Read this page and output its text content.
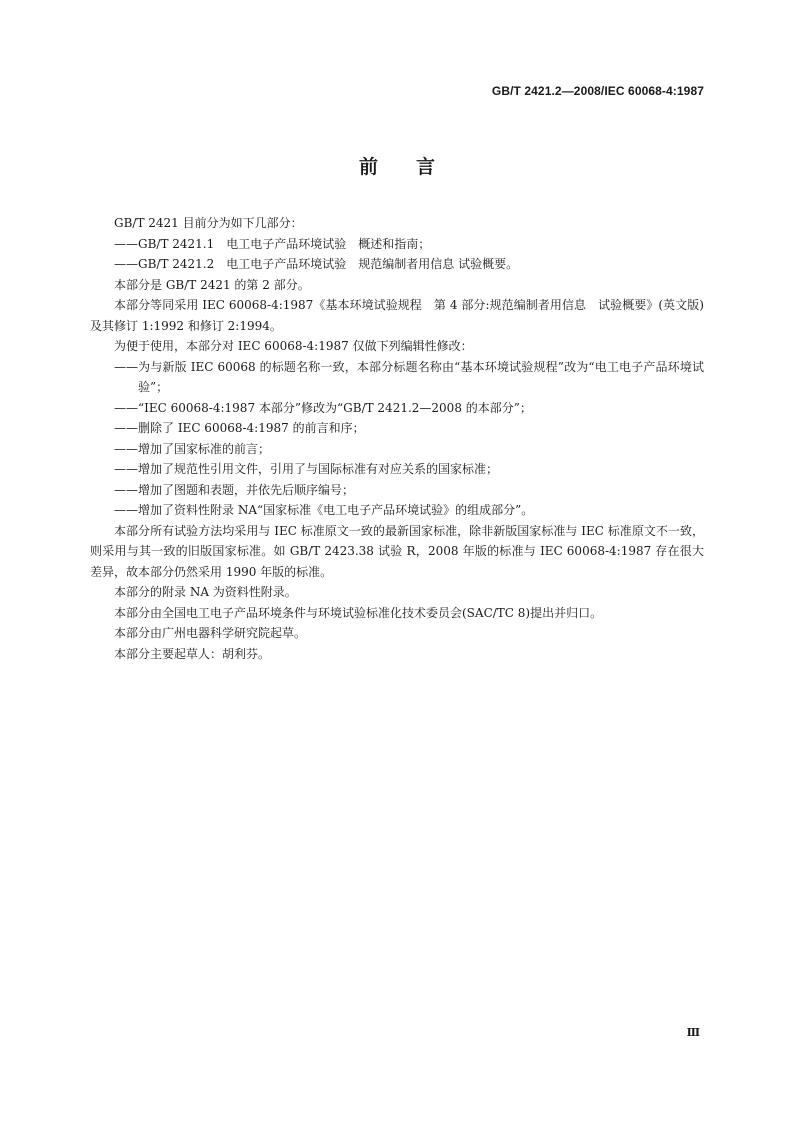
GB/T 2421.2—2008/IEC 60068-4:1987
前言

GB/T 2421 目前分为如下几部分：

——GB/T 2421.1　电工电子产品环境试验　概述和指南；

——GB/T 2421.2　电工电子产品环境试验　规范编制者用信息 试验概要。

本部分是 GB/T 2421 的第 2 部分。

本部分等同采用 IEC 60068-4:1987《基本环境试验规程　第 4 部分:规范编制者用信息　试验概要》(英文版)及其修订 1:1992 和修订 2:1994。

为便于使用，本部分对 IEC 60068-4:1987 仅做下列编辑性修改：

——为与新版 IEC 60068 的标题名称一致，本部分标题名称由“基本环境试验规程”改为“电工电子产品环境试验”；

——“IEC 60068-4:1987 本部分”修改为“GB/T 2421.2—2008 的本部分”；

——删除了 IEC 60068-4:1987 的前言和序；

——增加了国家标准的前言；

——增加了规范性引用文件，引用了与国际标准有对应关系的国家标准；

——增加了图题和表题，并依先后顺序编号；

——增加了资料性附录 NA“国家标准《电工电子产品环境试验》的组成部分”。

本部分所有试验方法均采用与 IEC 标准原文一致的最新国家标准，除非新版国家标准与 IEC 标准原文不一致，则采用与其一致的旧版国家标准。如 GB/T 2423.38 试验 R，2008 年版的标准与 IEC 60068-4:1987 存在很大差异，故本部分仍然采用 1990 年版的标准。

本部分的附录 NA 为资料性附录。

本部分由全国电工电子产品环境条件与环境试验标准化技术委员会(SAC/TC 8)提出并归口。

本部分由广州电器科学研究院起草。

本部分主要起草人：胡利芬。

Ⅲ
